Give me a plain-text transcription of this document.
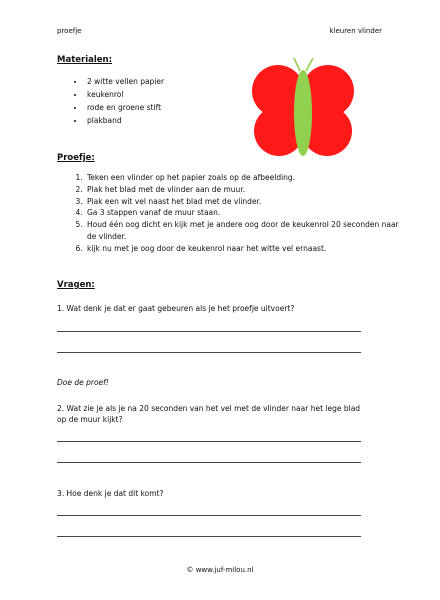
proefje	kleuren vlinder
Materialen:
• 2 witte vellen papier
• keukenrol
• rode en groene stift
• plakband
Proefje:
1. Teken een vlinder op het papier zoals op de afbeelding.
2. Plak het blad met de vlinder aan de muur.
3. Plak een wit vel naast het blad met de vlinder.
4. Ga 3 stappen vanaf de muur staan.
5. Houd één oog dicht en kijk met je andere oog door de keukenrol 20 seconden naar de vlinder.
6. kijk nu met je oog door de keukenrol naar het witte vel ernaast.
Vragen:
1. Wat denk je dat er gaat gebeuren als je het proefje uitvoert?
Doe de proef!
2. Wat zie je als je na 20 seconden van het vel met de vlinder naar het lege blad op de muur kijkt?
3. Hoe denk je dat dit komt?
© www.juf-milou.nl
